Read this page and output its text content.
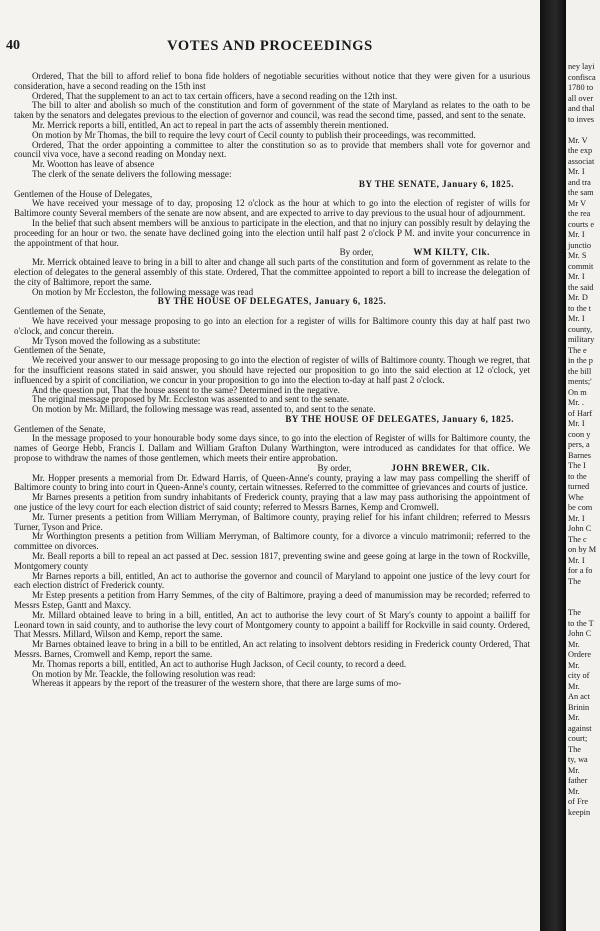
40	VOTES AND PROCEEDINGS

Ordered, That the bill to afford relief to bona fide holders of negotiable securities without notice that they were given for a usurious consideration, have a second reading on the 15th inst

Ordered, That the supplement to an act to tax certain officers, have a second reading on the 12th inst.

The bill to alter and abolish so much of the constitution and form of government of the state of Maryland as relates to the oath to be taken by the senators and delegates previous to the election of governor and council, was read the second time, passed, and sent to the senate.

Mr. Merrick reports a bill, entitled, An act to repeal in part the acts of assembly therein mentioned.

On motion by Mr Thomas, the bill to require the levy court of Cecil county to publish their proceedings, was recommitted.

Ordered, That the order appointing a committee to alter the constitution so as to provide that members shall vote for governor and council viva voce, have a second reading on Monday next.

Mr. Wootton has leave of absence

The clerk of the senate delivers the following message:

BY THE SENATE, January 6, 1825.

Gentlemen of the House of Delegates,

We have received your message of to day, proposing 12 o'clock as the hour at which to go into the election of register of wills for Baltimore county Several members of the senate are now absent, and are expected to arrive to day previous to the usual hour of adjournment.

In the belief that such absent members will be anxious to participate in the election, and that no injury can possibly result by delaying the proceeding for an hour or two. the senate have declined going into the election until half past 2 o'clock P M. and invite your concurrence in the appointment of that hour.

By order,	WM KILTY, Clk.

Mr. Merrick obtained leave to bring in a bill to alter and change all such parts of the constitution and form of government as relate to the election of delegates to the general assembly of this state. Ordered, That the committee appointed to report a bill to increase the delegation of the city of Baltimore, report the same.

On motion by Mr Eccleston, the following message was read

BY THE HOUSE OF DELEGATES, January 6, 1825.

Gentlemen of the Senate,

We have received your message proposing to go into an election for a register of wills for Baltimore county this day at half past two o'clock, and concur therein.

Mr Tyson moved the following as a substitute:

Gentlemen of the Senate,

We received your answer to our message proposing to go into the election of register of wills of Baltimore county. Though we regret, that for the insufficient reasons stated in said answer, you should have rejected our proposition to go into the said election at 12 o'clock, yet influenced by a spirit of conciliation, we concur in your proposition to go into the election to-day at half past 2 o'clock.

And the question put, That the house assent to the same? Determined in the negative.

The original message proposed by Mr. Eccleston was assented to and sent to the senate.

On motion by Mr. Millard, the following message was read, assented to, and sent to the senate.

BY THE HOUSE OF DELEGATES, January 6, 1825.

Gentlemen of the Senate,

In the message proposed to your honourable body some days since, to go into the election of Register of wills for Baltimore county, the names of George Hebb, Francis I. Dallam and William Grafton Dulany Warthington, were introduced as candidates for that office. We propose to withdraw the names of those gentlemen, which meets their entire approbation.

By order,	JOHN BREWER, Clk.

Mr. Hopper presents a memorial from Dr. Edward Harris, of Queen-Anne's county, praying a law may pass compelling the sheriff of Baltimore county to bring into court in Queen-Anne's county, certain witnesses. Referred to the committee of grievances and courts of justice.

Mr Barnes presents a petition from sundry inhabitants of Frederick county, praying that a law may pass authorising the appointment of one justice of the levy court for each election district of said county; referred to Messrs Barnes, Kemp and Cromwell.

Mr. Turner presents a petition from William Merryman, of Baltimore county, praying relief for his infant children; referred to Messrs Turner, Tyson and Price.

Mr Worthington presents a petition from William Merryman, of Baltimore county, for a divorce a vinculo matrimonii; referred to the committee on divorces.

Mr. Beall reports a bill to repeal an act passed at Dec. session 1817, preventing swine and geese going at large in the town of Rockville, Montgomery county

Mr Barnes reports a bill, entitled, An act to authorise the governor and council of Maryland to appoint one justice of the levy court for each election district of Frederick county.

Mr Estep presents a petition from Harry Semmes, of the city of Baltimore, praying a deed of manumission may be recorded; referred to Messrs Estep, Gantt and Maxcy.

Mr. Millard obtained leave to bring in a bill, entitled, An act to authorise the levy court of St Mary's county to appoint a bailiff for Leonard town in said county, and to authorise the levy court of Montgomery county to appoint a bailiff for Rockville in said county. Ordered, That Messrs. Millard, Wilson and Kemp, report the same.

Mr Barnes obtained leave to bring in a bill to be entitled, An act relating to insolvent debtors residing in Frederick county Ordered, That Messrs. Barnes, Cromwell and Kemp, report the same.

Mr. Thomas reports a bill, entitled, An act to authorise Hugh Jackson, of Cecil county, to record a deed.

On motion by Mr. Teackle, the following resolution was read:

Whereas it appears by the report of the treasurer of the western shore, that there are large sums of mo-

ney layi
confisca
1780 to
all over
and thal
to inves

Mr. V
the exp
associat
Mr. I
and tra
the sam
Mr V
the rea
courts e
Mr. I
junctio
Mr. S
commit
Mr. I
the said
Mr. D
to the t
Mr. I
county,
military
The e
in the p
the bill
ments;'
On m
Mr. .
of Harf
Mr. I
coon y
pers, a
Barnes
The I
to the
turned
Whe
be com
Mr. I
John C
The c
on by M
Mr. I
for a fo
The

The
to the T
John C
Mr.
Ordere
Mr.
city of
Mr.
An act
Brinin
Mr.
against
court;
The
ty, wa
Mr.
father
Mr.
of Fre
keepin
